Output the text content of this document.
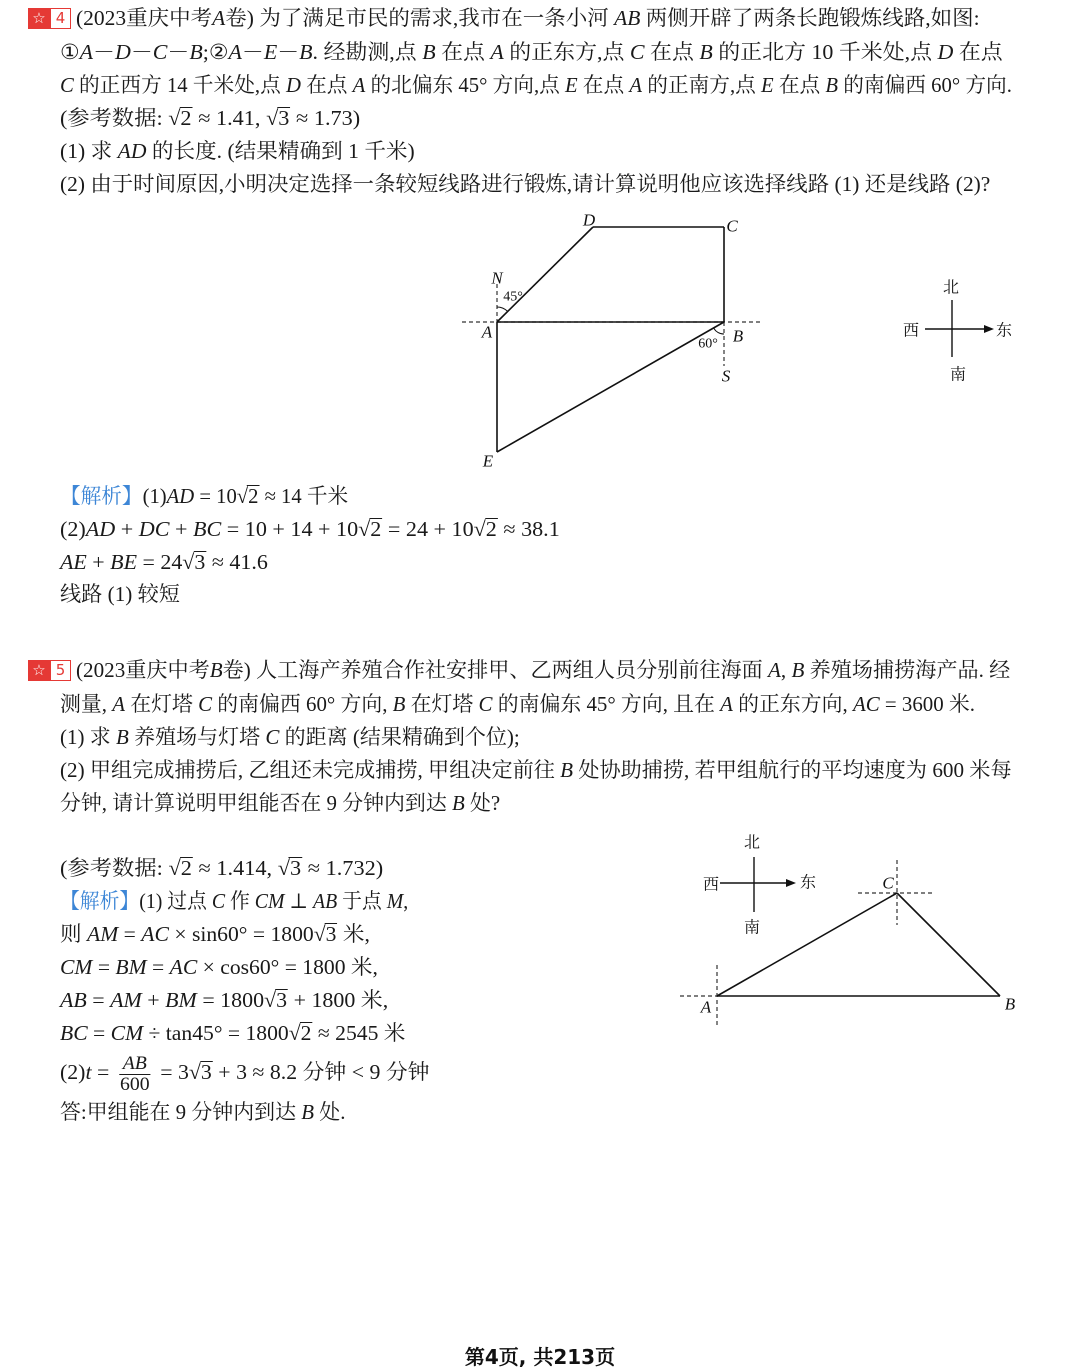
☆ 4 (2023重庆中考A卷) 为了满足市民的需求,我市在一条小河 AB 两侧开辟了两条长跑锻炼线路,如图:
①A－D－C－B;②A－E－B. 经勘测,点 B 在点 A 的正东方,点 C 在点 B 的正北方 10 千米处,点 D 在点
C 的正西方 14 千米处,点 D 在点 A 的北偏东 45° 方向,点 E 在点 A 的正南方,点 E 在点 B 的南偏西 60° 方向.
(参考数据: √2 ≈ 1.41, √3 ≈ 1.73)
(1) 求 AD 的长度. (结果精确到 1 千米)
(2) 由于时间原因,小明决定选择一条较短线路进行锻炼,请计算说明他应该选择线路 (1) 还是线路 (2)?
【解析】(1)AD = 10√2 ≈ 14 千米
(2)AD + DC + BC = 10 + 14 + 10√2 = 24 + 10√2 ≈ 38.1
AE + BE = 24√3 ≈ 41.6
线路 (1) 较短
☆ 5 (2023重庆中考B卷) 人工海产养殖合作社安排甲、乙两组人员分别前往海面 A, B 养殖场捕捞海产品. 经
测量, A 在灯塔 C 的南偏西 60° 方向, B 在灯塔 C 的南偏东 45° 方向, 且在 A 的正东方向, AC = 3600 米.
(1) 求 B 养殖场与灯塔 C 的距离 (结果精确到个位);
(2) 甲组完成捕捞后, 乙组还未完成捕捞, 甲组决定前往 B 处协助捕捞, 若甲组航行的平均速度为 600 米每
分钟, 请计算说明甲组能否在 9 分钟内到达 B 处?
(参考数据: √2 ≈ 1.414, √3 ≈ 1.732)
【解析】(1) 过点 C 作 CM ⊥ AB 于点 M,
则 AM = AC × sin60° = 1800√3 米,
CM = BM = AC × cos60° = 1800 米,
AB = AM + BM = 1800√3 + 1800 米,
BC = CM ÷ tan45° = 1800√2 ≈ 2545 米
$(2)t = \frac{AB}{600} = 3√3 + 3 \approx 8.2$ 分钟 < 9 分钟
答:甲组能在 9 分钟内到达 B 处.
D	C
N
45°
A	B
60°
S
E
北
西	东
南
北
西	东
南
C
A	B
第4页, 共213页
